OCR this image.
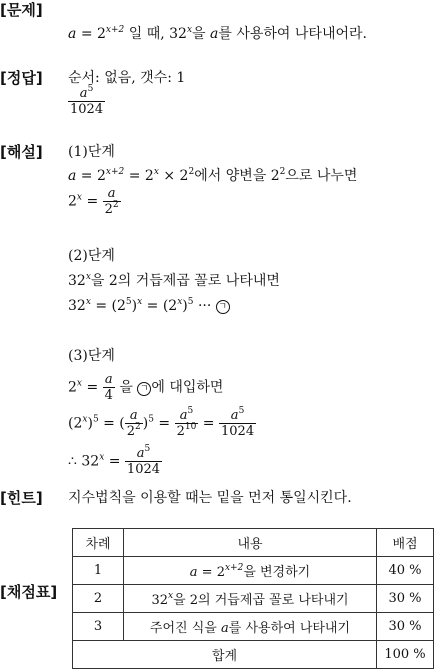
[문제]
$a = 2^{x+2}$ 일 때, 32$^x$을 a를 사용하여 나타내어라.
[정답] 순서: 없음, 갯수: 1
$\frac{a^5}{1024}$
[해설] (1)단계
$a = 2^{x+2} = 2^x \times 2^2$에서 양변을 $2^2$으로 나누면
$2^x = \frac{a}{2^2}$
(2)단계
32$^x$을 2의 거듭제곱 꼴로 나타내면
$32^x = (2^5)^x = (2^x)^5$ ··· ㄱ
(3)단계
$2^x = \frac{a}{4}$ 을 ㄱ 에 대입하면
$(2^x)^5$ = ( $\frac{a}{2^2} )^5 = \frac{a^5}{2^{10}} = \frac{a^5}{1024}$
∴ $32^x = \frac{a^5}{1024}$
[힌트] 지수법칙을 이용할 때는 밑을 먼저 통일시킨다.
[채점표]
차례	내용	배점
1	$a = 2^{x+2}$을 변경하기	40 %
2	32$^x$을 2의 거듭제곱 꼴로 나타내기	30 %
3	주어진 식을 a를 사용하여 나타내기	30 %
합계		100 %
